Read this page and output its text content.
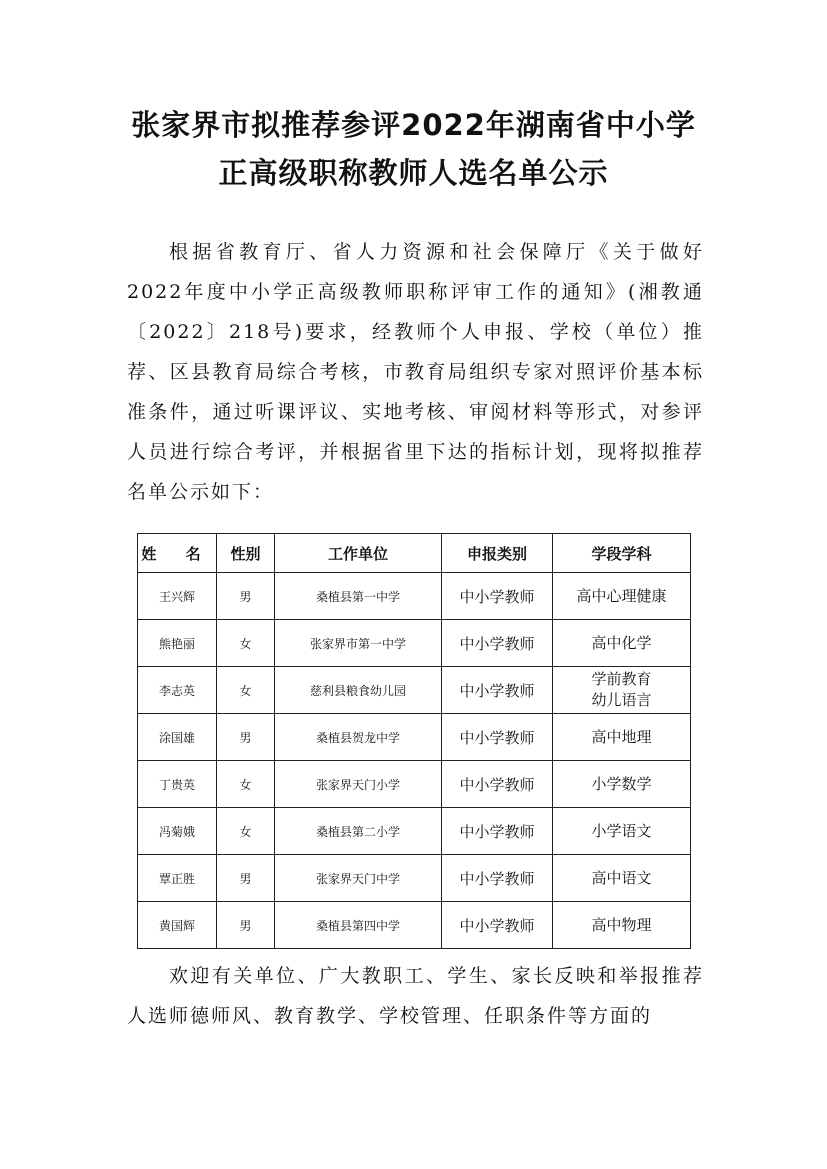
张家界市拟推荐参评2022年湖南省中小学
正高级职称教师人选名单公示

根据省教育厅、省人力资源和社会保障厅《关于做好2022年度中小学正高级教师职称评审工作的通知》(湘教通〔2022〕218号)要求，经教师个人申报、学校（单位）推荐、区县教育局综合考核，市教育局组织专家对照评价基本标准条件，通过听课评议、实地考核、审阅材料等形式，对参评人员进行综合考评，并根据省里下达的指标计划，现将拟推荐名单公示如下：

姓 名	性别	工作单位	申报类别	学段学科
王兴辉	男	桑植县第一中学	中小学教师	高中心理健康
熊艳丽	女	张家界市第一中学	中小学教师	高中化学
李志英	女	慈利县粮食幼儿园	中小学教师	学前教育
幼儿语言
涂国雄	男	桑植县贺龙中学	中小学教师	高中地理
丁贵英	女	张家界天门小学	中小学教师	小学数学
冯菊娥	女	桑植县第二小学	中小学教师	小学语文
覃正胜	男	张家界天门中学	中小学教师	高中语文
黄国辉	男	桑植县第四中学	中小学教师	高中物理

欢迎有关单位、广大教职工、学生、家长反映和举报推荐人选师德师风、教育教学、学校管理、任职条件等方面的
